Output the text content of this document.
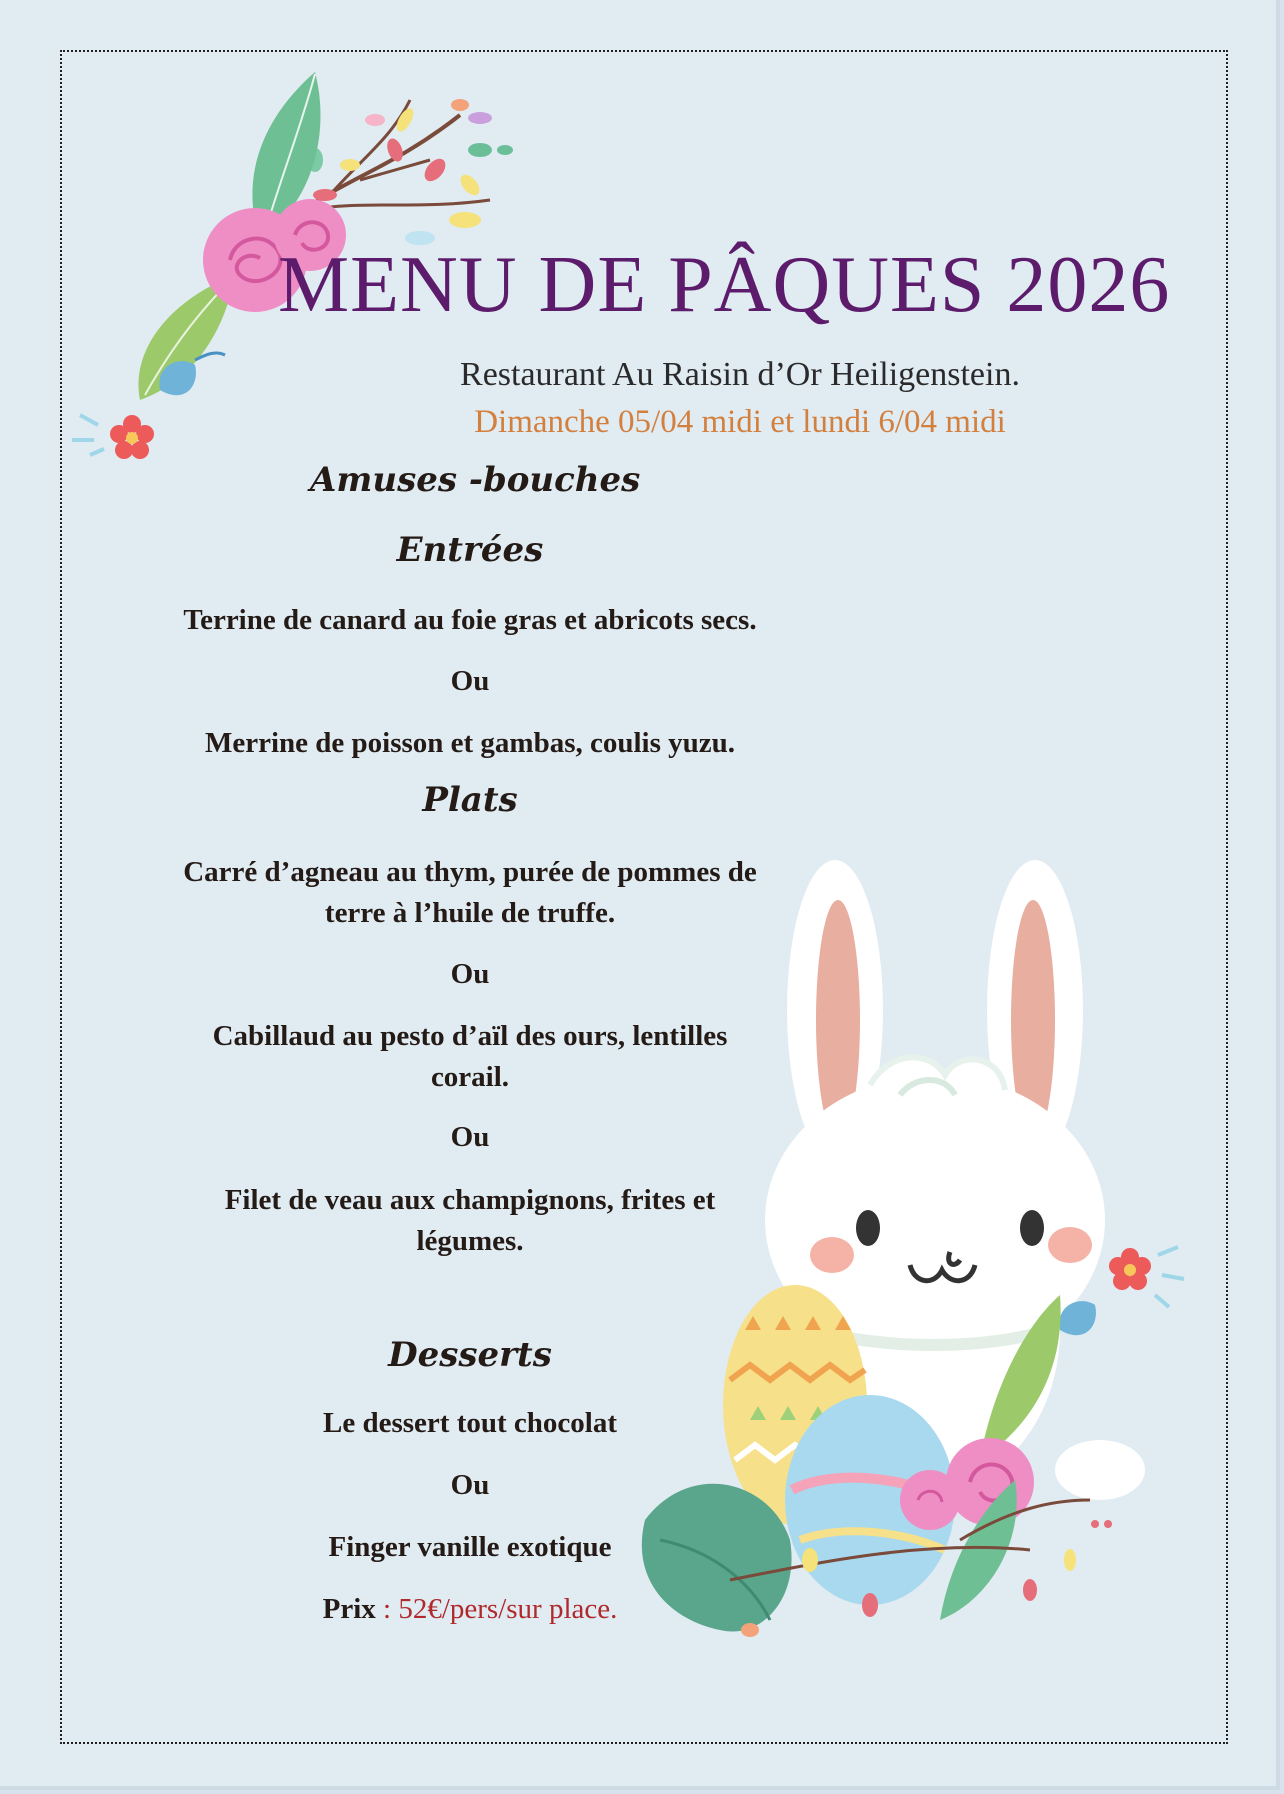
MENU DE PÂQUES 2026
Restaurant Au Raisin d’Or Heiligenstein.
Dimanche 05/04 midi et lundi 6/04 midi
Amuses -bouches
Entrées
Terrine de canard au foie gras et abricots secs.
Ou
Merrine de poisson et gambas, coulis yuzu.
Plats
Carré d’agneau au thym, purée de pommes de terre à l’huile de truffe.
Ou
Cabillaud au pesto d’aïl des ours, lentilles corail.
Ou
Filet de veau aux champignons, frites et légumes.
Desserts
Le dessert tout chocolat
Ou
Finger vanille exotique
Prix : 52€/pers/sur place.
